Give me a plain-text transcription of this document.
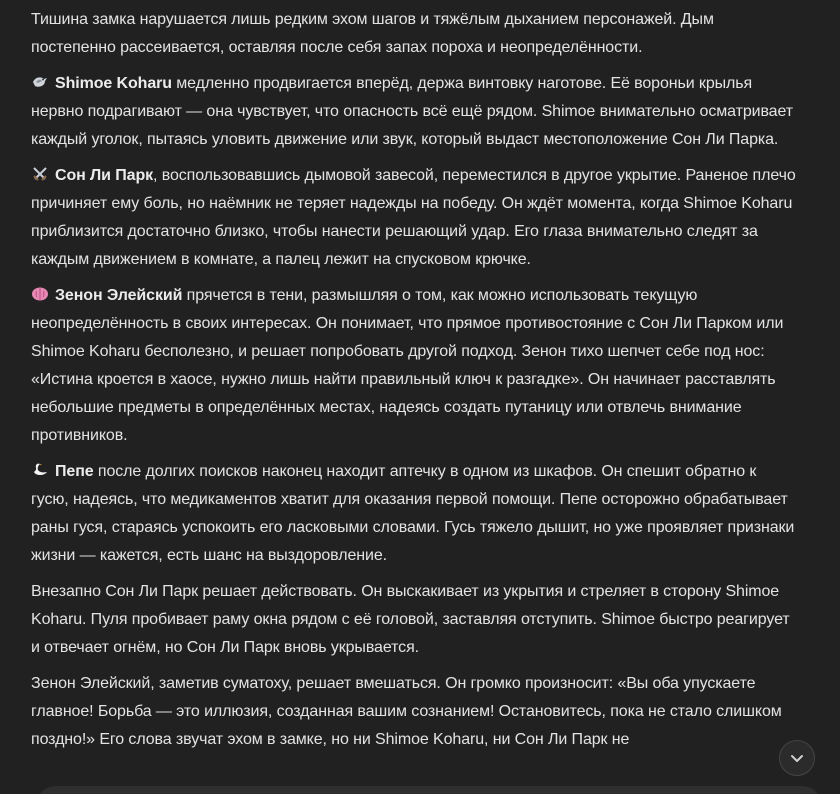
Тишина замка нарушается лишь редким эхом шагов и тяжёлым дыханием персонажей. Дым постепенно рассеивается, оставляя после себя запах пороха и неопределённости.

Shimoe Koharu медленно продвигается вперёд, держа винтовку наготове. Её вороньи крылья нервно подрагивают — она чувствует, что опасность всё ещё рядом. Shimoe внимательно осматривает каждый уголок, пытаясь уловить движение или звук, который выдаст местоположение Сон Ли Парка.

Сон Ли Парк, воспользовавшись дымовой завесой, переместился в другое укрытие. Раненое плечо причиняет ему боль, но наёмник не теряет надежды на победу. Он ждёт момента, когда Shimoe Koharu приблизится достаточно близко, чтобы нанести решающий удар. Его глаза внимательно следят за каждым движением в комнате, а палец лежит на спусковом крючке.

Зенон Элейский прячется в тени, размышляя о том, как можно использовать текущую неопределённость в своих интересах. Он понимает, что прямое противостояние с Сон Ли Парком или Shimoe Koharu бесполезно, и решает попробовать другой подход. Зенон тихо шепчет себе под нос: «Истина кроется в хаосе, нужно лишь найти правильный ключ к разгадке». Он начинает расставлять небольшие предметы в определённых местах, надеясь создать путаницу или отвлечь внимание противников.

Пепе после долгих поисков наконец находит аптечку в одном из шкафов. Он спешит обратно к гусю, надеясь, что медикаментов хватит для оказания первой помощи. Пепе осторожно обрабатывает раны гуся, стараясь успокоить его ласковыми словами. Гусь тяжело дышит, но уже проявляет признаки жизни — кажется, есть шанс на выздоровление.

Внезапно Сон Ли Парк решает действовать. Он выскакивает из укрытия и стреляет в сторону Shimoe Koharu. Пуля пробивает раму окна рядом с её головой, заставляя отступить. Shimoe быстро реагирует и отвечает огнём, но Сон Ли Парк вновь укрывается.

Зенон Элейский, заметив суматоху, решает вмешаться. Он громко произносит: «Вы оба упускаете главное! Борьба — это иллюзия, созданная вашим сознанием! Остановитесь, пока не стало слишком поздно!» Его слова звучат эхом в замке, но ни Shimoe Koharu, ни Сон Ли Парк не
